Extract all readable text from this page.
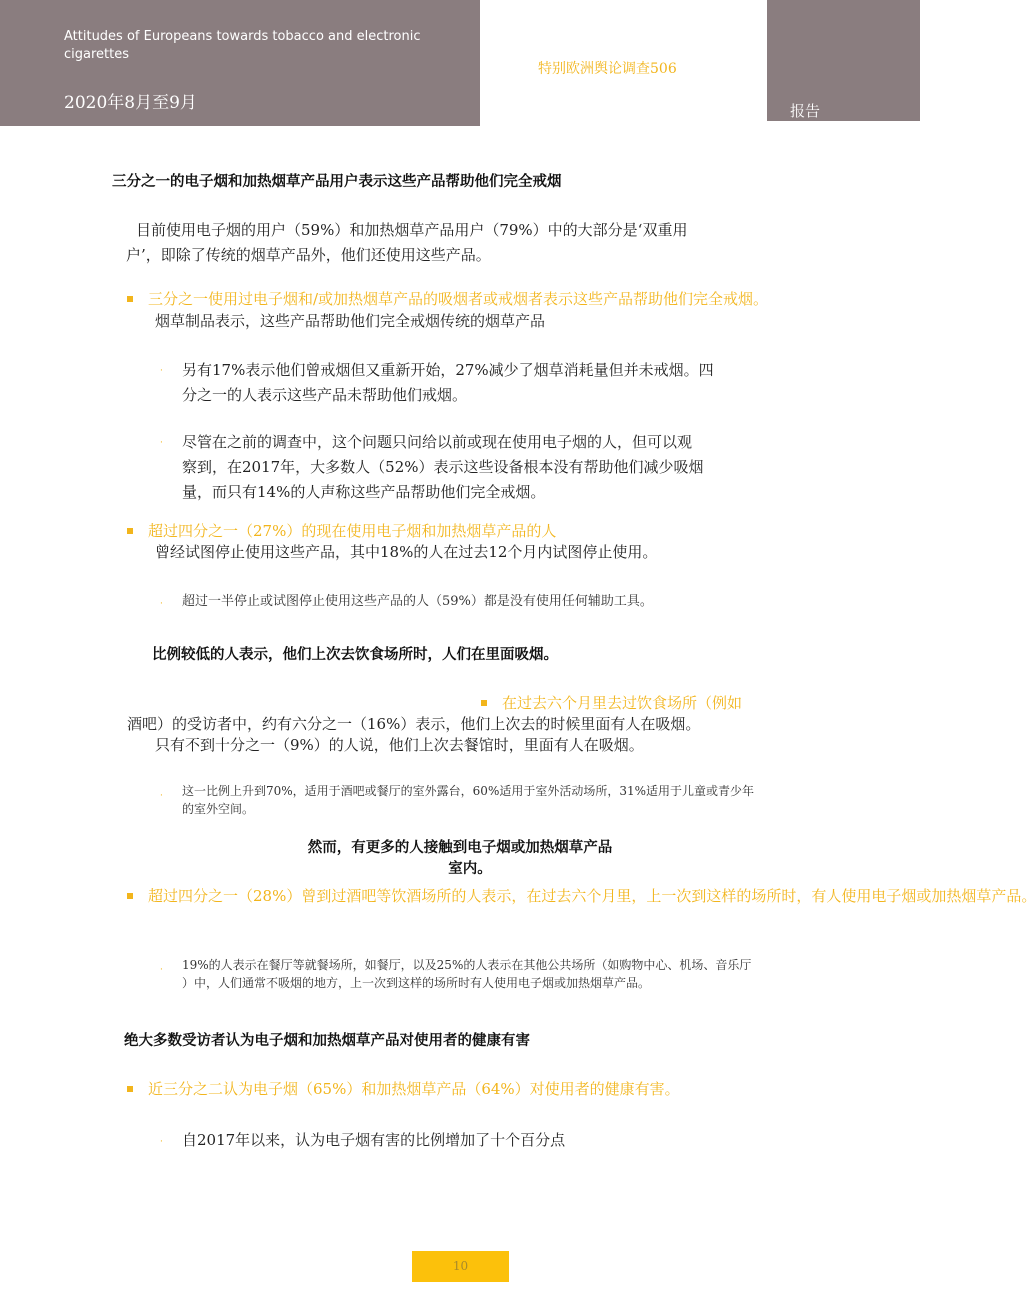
Attitudes of Europeans towards tobacco and electronic
cigarettes
2020年8月至9月
特别欧洲舆论调查506
报告
三分之一的电子烟和加热烟草产品用户表示这些产品帮助他们完全戒烟
目前使用电子烟的用户（59%）和加热烟草产品用户（79%）中的大部分是‘双重用
户’，即除了传统的烟草产品外，他们还使用这些产品。
三分之一使用过电子烟和/或加热烟草产品的吸烟者或戒烟者表示这些产品帮助他们完全戒烟。
烟草制品表示，这些产品帮助他们完全戒烟传统的烟草产品
· 另有17%表示他们曾戒烟但又重新开始，27%减少了烟草消耗量但并未戒烟。四
分之一的人表示这些产品未帮助他们戒烟。
· 尽管在之前的调查中，这个问题只问给以前或现在使用电子烟的人，但可以观
察到，在2017年，大多数人（52%）表示这些设备根本没有帮助他们减少吸烟
量，而只有14%的人声称这些产品帮助他们完全戒烟。
超过四分之一（27%）的现在使用电子烟和加热烟草产品的人
曾经试图停止使用这些产品，其中18%的人在过去12个月内试图停止使用。
· 超过一半停止或试图停止使用这些产品的人（59%）都是没有使用任何辅助工具。
比例较低的人表示，他们上次去饮食场所时，人们在里面吸烟。
在过去六个月里去过饮食场所（例如
酒吧）的受访者中，约有六分之一（16%）表示，他们上次去的时候里面有人在吸烟。
只有不到十分之一（9%）的人说，他们上次去餐馆时，里面有人在吸烟。
· 这一比例上升到70%，适用于酒吧或餐厅的室外露台，60%适用于室外活动场所，31%适用于儿童或青少年
的室外空间。
然而，有更多的人接触到电子烟或加热烟草产品
室内。
超过四分之一（28%）曾到过酒吧等饮酒场所的人表示，在过去六个月里，上一次到这样的场所时，有人使用电子烟或加热烟草产品。
· 19%的人表示在餐厅等就餐场所，如餐厅，以及25%的人表示在其他公共场所（如购物中心、机场、音乐厅
）中，人们通常不吸烟的地方，上一次到这样的场所时有人使用电子烟或加热烟草产品。
绝大多数受访者认为电子烟和加热烟草产品对使用者的健康有害
近三分之二认为电子烟（65%）和加热烟草产品（64%）对使用者的健康有害。
· 自2017年以来，认为电子烟有害的比例增加了十个百分点
10
